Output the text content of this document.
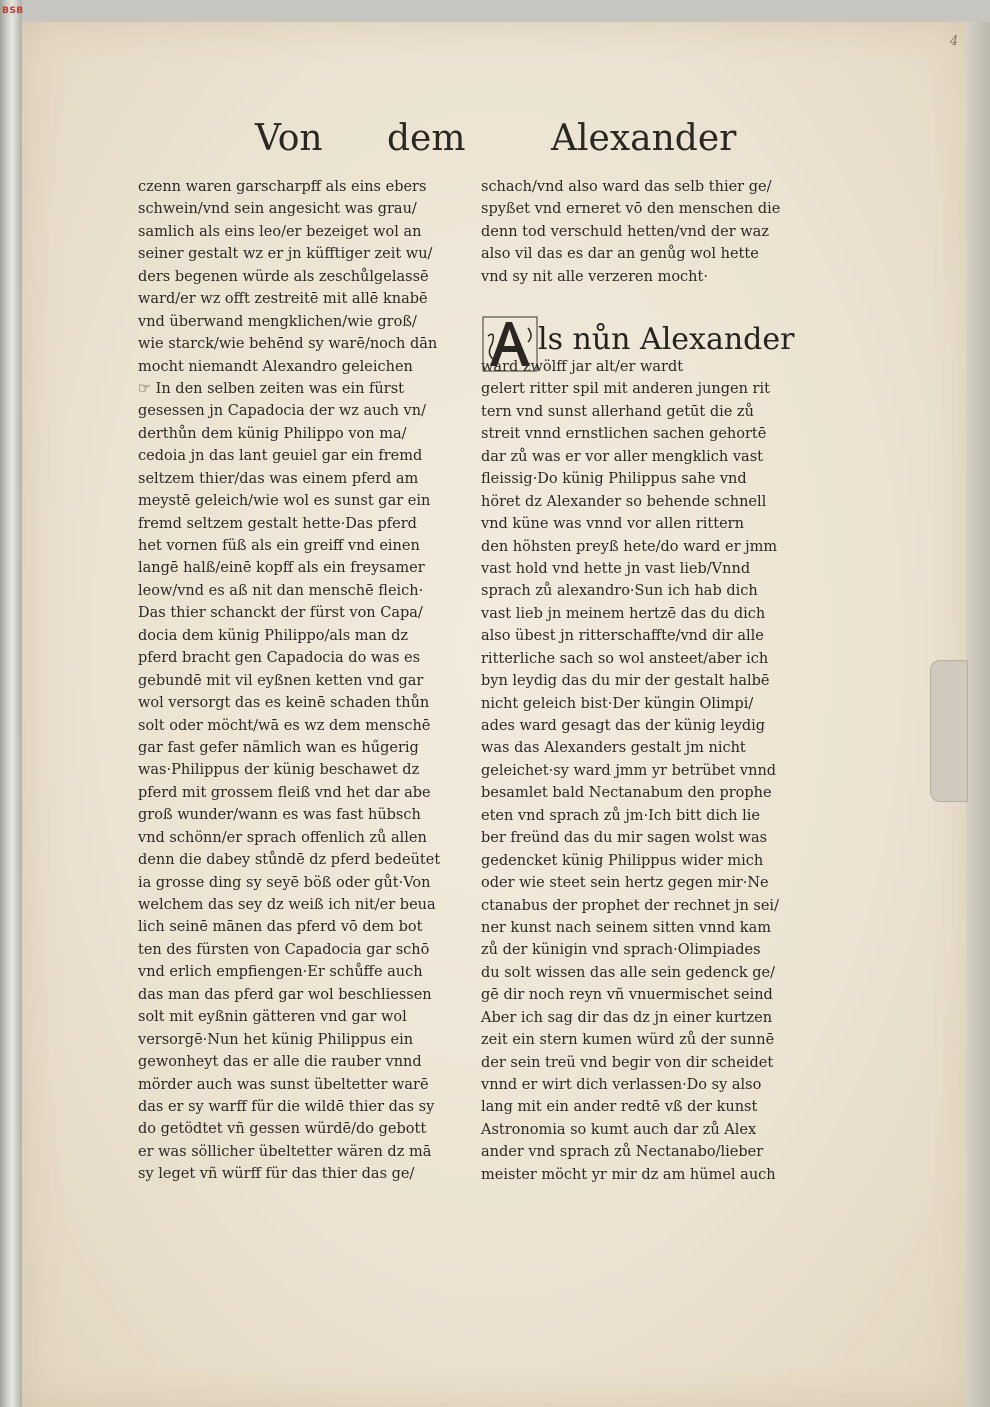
BSB
4
Von dem Alexander
czenn waren garscharpff als eins ebers
schwein/vnd sein angesicht was grau/
samlich als eins leo/er bezeiget wol an
seiner gestalt wz er jn küfftiger zeit wu/
ders begenen würde als zeschůlgelassē
ward/er wz offt zestreitē mit allē knabē
vnd überwand mengklichen/wie groß/
wie starck/wie behēnd sy warē/noch dān
mocht niemandt Alexandro geleichen
☞ In den selben zeiten was ein fürst
gesessen jn Capadocia der wz auch vn/
derthůn dem künig Philippo von ma/
cedoia jn das lant geuiel gar ein fremd
seltzem thier/das was einem pferd am
meystē geleich/wie wol es sunst gar ein
fremd seltzem gestalt hette·Das pferd
het vornen füß als ein greiff vnd einen
langē halß/einē kopff als ein freysamer
leow/vnd es aß nit dan menschē fleich·
Das thier schanckt der fürst von Capa/
docia dem künig Philippo/als man dz
pferd bracht gen Capadocia do was es
gebundē mit vil eyßnen ketten vnd gar
wol versorgt das es keinē schaden thůn
solt oder möcht/wā es wz dem menschē
gar fast gefer nämlich wan es hűgerig
was·Philippus der künig beschawet dz
pferd mit grossem fleiß vnd het dar abe
groß wunder/wann es was fast hübsch
vnd schönn/er sprach offenlich zů allen
denn die dabey stůndē dz pferd bedeütet
ia grosse ding sy seyē böß oder gůt·Von
welchem das sey dz weiß ich nit/er beua
lich seinē mānen das pferd vō dem bot
ten des fürsten von Capadocia gar schō
vnd erlich empfiengen·Er schůffe auch
das man das pferd gar wol beschliessen
solt mit eyßnin gätteren vnd gar wol
versorgē·Nun het künig Philippus ein
gewonheyt das er alle die rauber vnnd
mörder auch was sunst übeltetter warē
das er sy warff für die wildē thier das sy
do getödtet vñ gessen würdē/do gebott
er was söllicher übeltetter wären dz mā
sy leget vñ würff für das thier das ge/
schach/vnd also ward das selb thier ge/
spyßet vnd erneret vō den menschen die
denn tod verschuld hetten/vnd der waz
also vil das es dar an genůg wol hette
vnd sy nit alle verzeren mocht·
ls nůn Alexander
ward zwölff jar alt/er wardt
gelert ritter spil mit anderen jungen rit
tern vnd sunst allerhand getūt die zů
streit vnnd ernstlichen sachen gehortē
dar zů was er vor aller mengklich vast
fleissig·Do künig Philippus sahe vnd
höret dz Alexander so behende schnell
vnd küne was vnnd vor allen rittern
den höhsten preyß hete/do ward er jmm
vast hold vnd hette jn vast lieb/Vnnd
sprach zů alexandro·Sun ich hab dich
vast lieb jn meinem hertzē das du dich
also übest jn ritterschaffte/vnd dir alle
ritterliche sach so wol ansteet/aber ich
byn leydig das du mir der gestalt halbē
nicht geleich bist·Der küngin Olimpi/
ades ward gesagt das der künig leydig
was das Alexanders gestalt jm nicht
geleichet·sy ward jmm yr betrübet vnnd
besamlet bald Nectanabum den prophe
eten vnd sprach zů jm·Ich bitt dich lie
ber freünd das du mir sagen wolst was
gedencket künig Philippus wider mich
oder wie steet sein hertz gegen mir·Ne
ctanabus der prophet der rechnet jn sei/
ner kunst nach seinem sitten vnnd kam
zů der künigin vnd sprach·Olimpiades
du solt wissen das alle sein gedenck ge/
gē dir noch reyn vñ vnuermischet seind
Aber ich sag dir das dz jn einer kurtzen
zeit ein stern kumen würd zů der sunnē
der sein treü vnd begir von dir scheidet
vnnd er wirt dich verlassen·Do sy also
lang mit ein ander redtē vß der kunst
Astronomia so kumt auch dar zů Alex
ander vnd sprach zů Nectanabo/lieber
meister möcht yr mir dz am hümel auch
